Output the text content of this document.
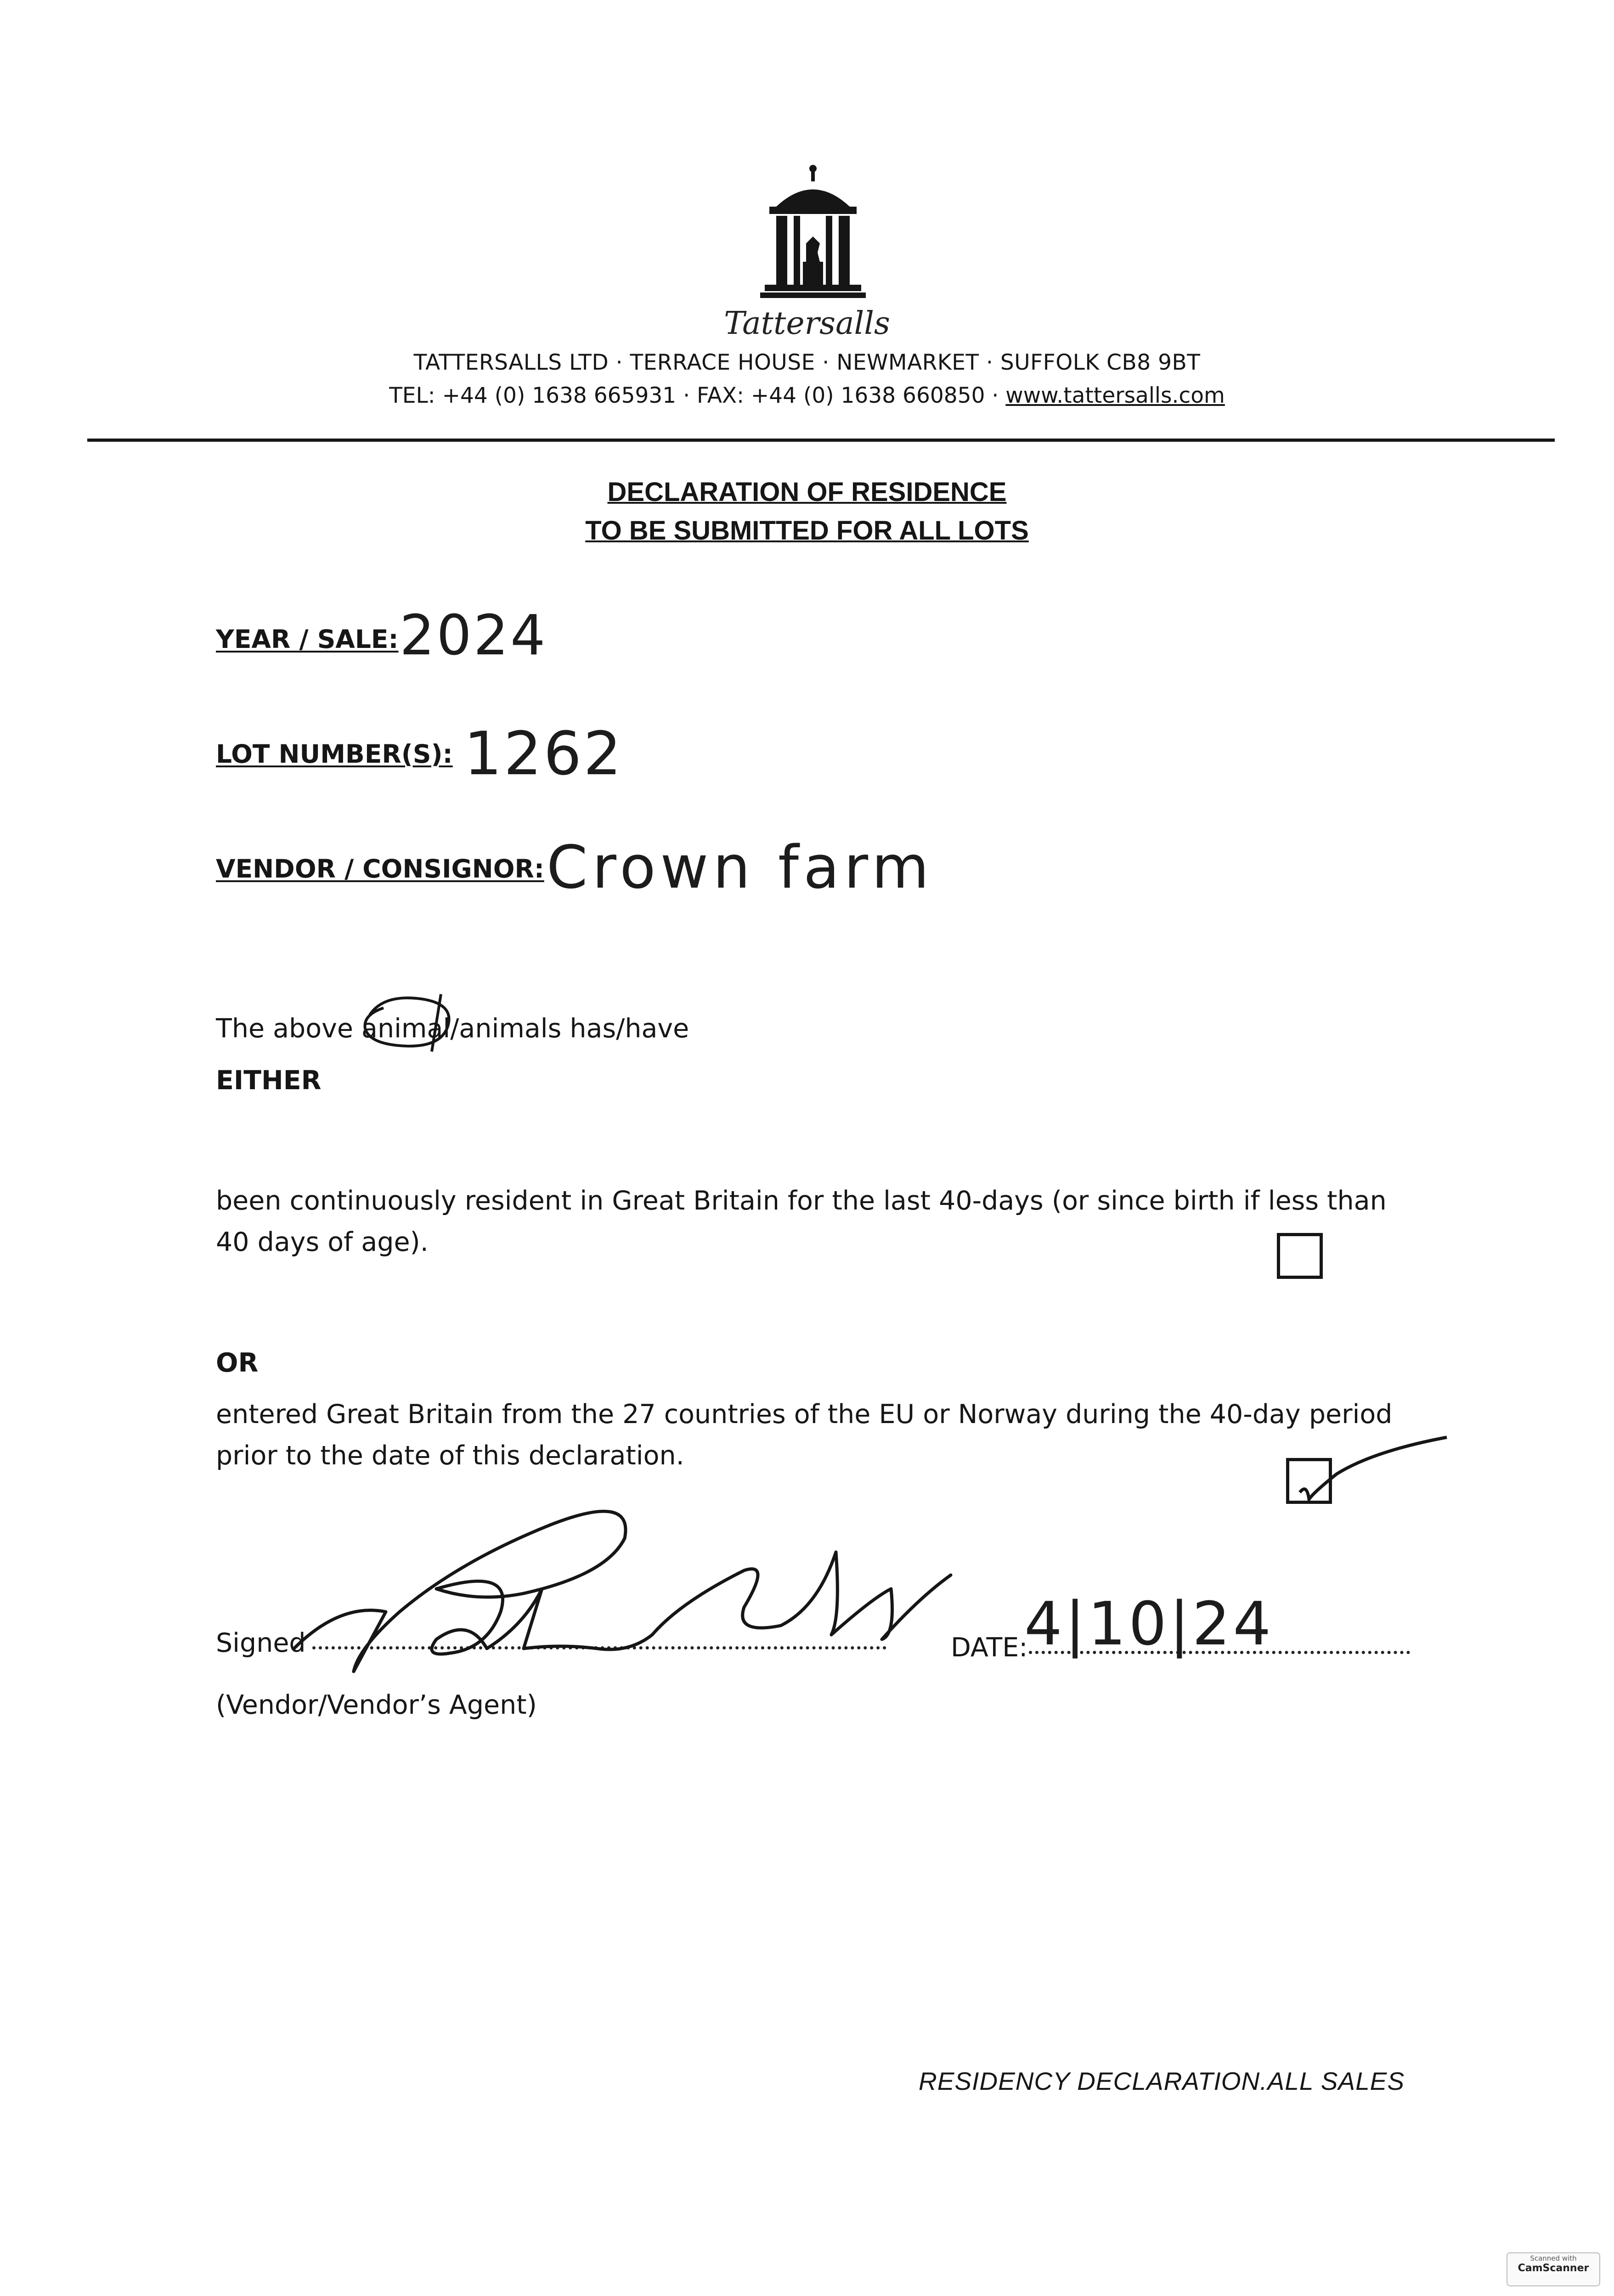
Tattersalls
TATTERSALLS LTD · TERRACE HOUSE · NEWMARKET · SUFFOLK CB8 9BT
TEL: +44 (0) 1638 665931 · FAX: +44 (0) 1638 660850 · www.tattersalls.com
DECLARATION OF RESIDENCE
TO BE SUBMITTED FOR ALL LOTS
YEAR / SALE: 2024
LOT NUMBER(S): 1262
VENDOR / CONSIGNOR: Crown farm
The above animal/animals has/have
EITHER
been continuously resident in Great Britain for the last 40-days (or since birth if less than 40 days of age).
OR
entered Great Britain from the 27 countries of the EU or Norway during the 40-day period prior to the date of this declaration.
Signed	DATE:
4|10|24
(Vendor/Vendor’s Agent)
RESIDENCY DECLARATION.ALL SALES
Scanned with
CamScanner
